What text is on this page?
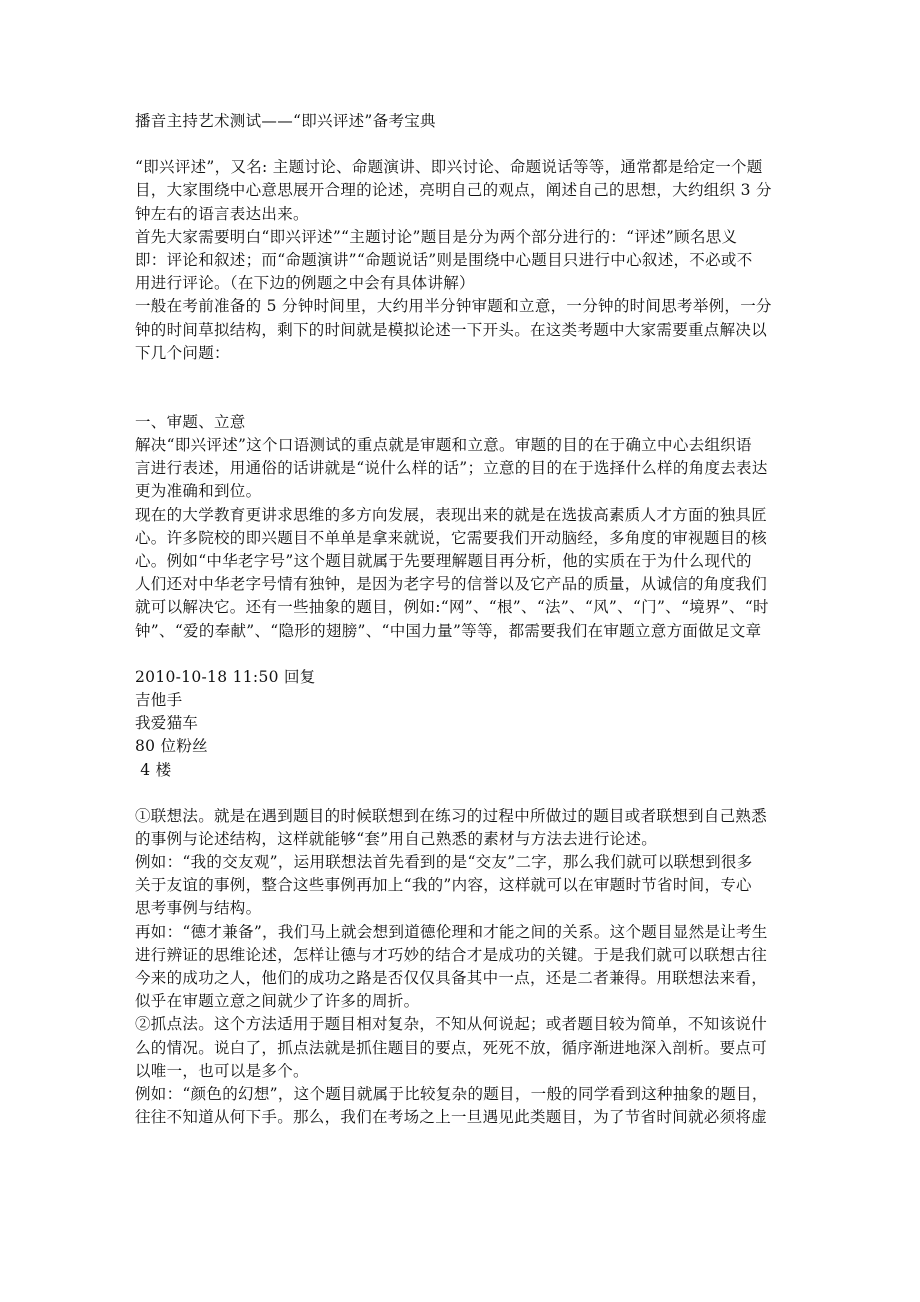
播音主持艺术测试——“即兴评述”备考宝典
“即兴评述”，又名: 主题讨论、命题演讲、即兴讨论、命题说话等等，通常都是给定一个题
目，大家围绕中心意思展开合理的论述，亮明自己的观点，阐述自己的思想，大约组织 3 分
钟左右的语言表达出来。
首先大家需要明白“即兴评述”“主题讨论”题目是分为两个部分进行的：“评述”顾名思义
即：评论和叙述；而“命题演讲”“命题说话”则是围绕中心题目只进行中心叙述，不必或不
用进行评论。（在下边的例题之中会有具体讲解）
一般在考前准备的 5 分钟时间里，大约用半分钟审题和立意，一分钟的时间思考举例，一分
钟的时间草拟结构，剩下的时间就是模拟论述一下开头。在这类考题中大家需要重点解决以
下几个问题：
一、审题、立意
解决“即兴评述”这个口语测试的重点就是审题和立意。审题的目的在于确立中心去组织语
言进行表述，用通俗的话讲就是“说什么样的话”；立意的目的在于选择什么样的角度去表达
更为准确和到位。
现在的大学教育更讲求思维的多方向发展，表现出来的就是在选拔高素质人才方面的独具匠
心。许多院校的即兴题目不单单是拿来就说，它需要我们开动脑经，多角度的审视题目的核
心。例如“中华老字号”这个题目就属于先要理解题目再分析，他的实质在于为什么现代的
人们还对中华老字号情有独钟，是因为老字号的信誉以及它产品的质量，从诚信的角度我们
就可以解决它。还有一些抽象的题目，例如:“网”、“根”、“法”、“风”、“门”、“境界”、“时
钟”、“爱的奉献”、“隐形的翅膀”、“中国力量”等等，都需要我们在审题立意方面做足文章
2010-10-18 11:50 回复
吉他手
我爱猫车
80 位粉丝
4 楼
①联想法。就是在遇到题目的时候联想到在练习的过程中所做过的题目或者联想到自己熟悉
的事例与论述结构，这样就能够“套”用自己熟悉的素材与方法去进行论述。
例如：“我的交友观”，运用联想法首先看到的是“交友”二字，那么我们就可以联想到很多
关于友谊的事例，整合这些事例再加上“我的”内容，这样就可以在审题时节省时间，专心
思考事例与结构。
再如：“德才兼备”，我们马上就会想到道德伦理和才能之间的关系。这个题目显然是让考生
进行辨证的思维论述，怎样让德与才巧妙的结合才是成功的关键。于是我们就可以联想古往
今来的成功之人，他们的成功之路是否仅仅具备其中一点，还是二者兼得。用联想法来看，
似乎在审题立意之间就少了许多的周折。
②抓点法。这个方法适用于题目相对复杂，不知从何说起；或者题目较为简单，不知该说什
么的情况。说白了，抓点法就是抓住题目的要点，死死不放，循序渐进地深入剖析。要点可
以唯一，也可以是多个。
例如：“颜色的幻想”，这个题目就属于比较复杂的题目，一般的同学看到这种抽象的题目，
往往不知道从何下手。那么，我们在考场之上一旦遇见此类题目，为了节省时间就必须将虚
